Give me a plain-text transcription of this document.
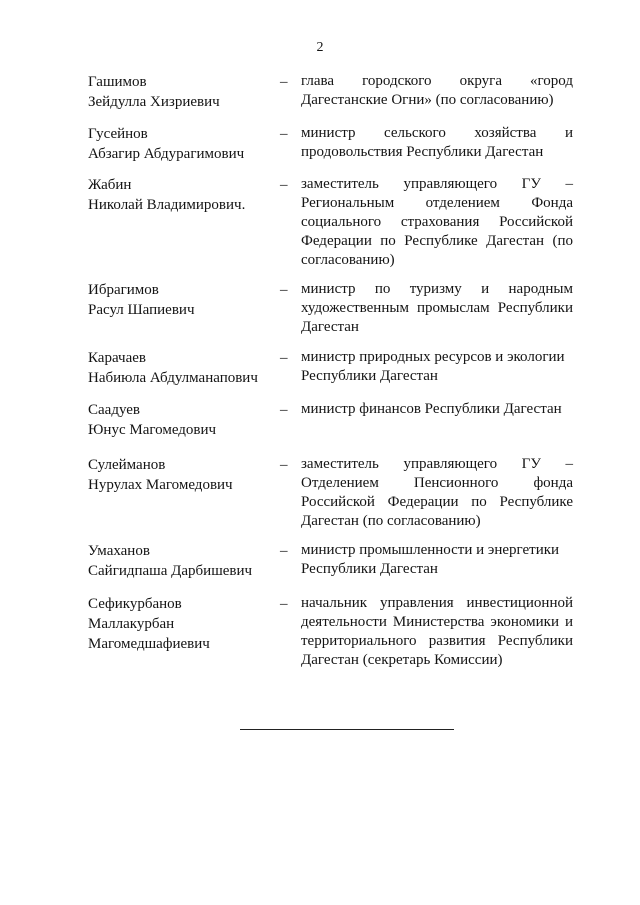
2
Гашимов
Зейдулла Хизриевич
– глава городского округа «город Дагестанские Огни» (по согласованию)
Гусейнов
Абзагир Абдурагимович
– министр сельского хозяйства и продовольствия Республики Дагестан
Жабин
Николай Владимирович.
– заместитель управляющего ГУ – Региональным отделением Фонда социального страхования Российской Федерации по Республике Дагестан (по согласованию)
Ибрагимов
Расул Шапиевич
– министр по туризму и народным художественным промыслам Республики Дагестан
Карачаев
Набиюла Абдулманапович
– министр природных ресурсов и экологии Республики Дагестан
Саадуев
Юнус Магомедович
– министр финансов Республики Дагестан
Сулейманов
Нурулах Магомедович
– заместитель управляющего ГУ – Отделением Пенсионного фонда Российской Федерации по Республике Дагестан (по согласованию)
Умаханов
Сайгидпаша Дарбишевич
– министр промышленности и энергетики Республики Дагестан
Сефикурбанов
Маллакурбан
Магомедшафиевич
– начальник управления инвестиционной деятельности Министерства экономики и территориального развития Республики Дагестан (секретарь Комиссии)
